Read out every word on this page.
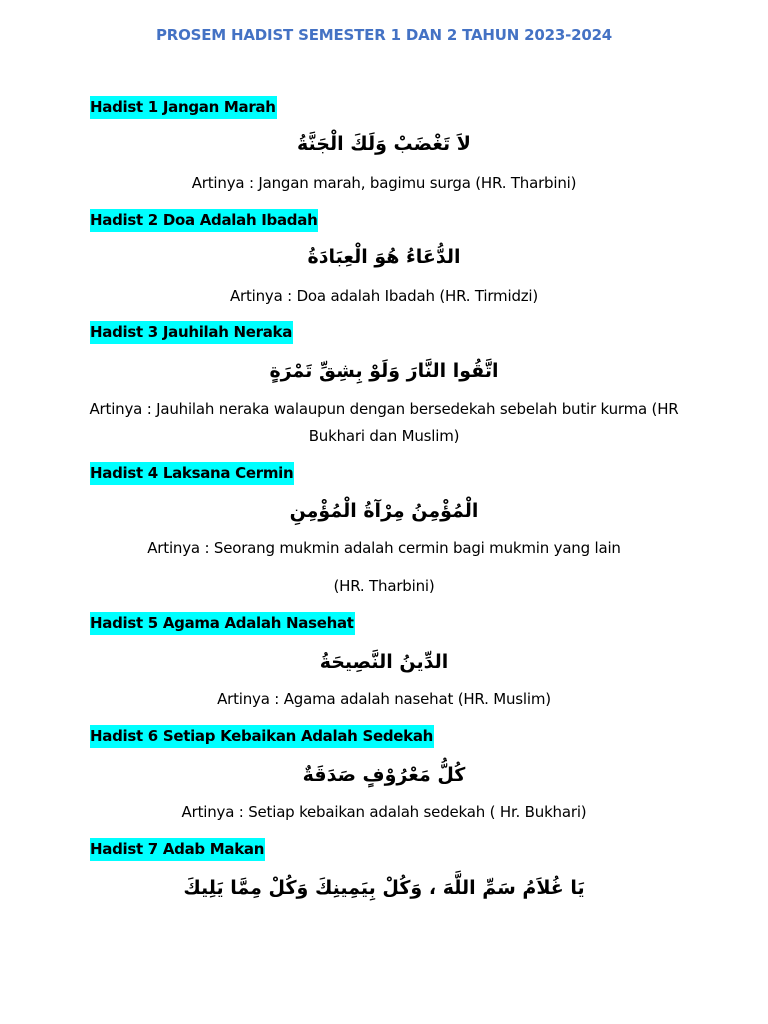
PROSEM HADIST SEMESTER 1 DAN 2 TAHUN 2023-2024
Hadist 1 Jangan Marah
لاَ تَغْضَبْ وَلَكَ الْجَنَّةُ
Artinya : Jangan marah, bagimu surga (HR. Tharbini)
Hadist 2 Doa Adalah Ibadah
الدُّعَاءُ هُوَ الْعِبَادَةُ
Artinya : Doa adalah Ibadah (HR. Tirmidzi)
Hadist 3 Jauhilah Neraka
اتَّقُوا النَّارَ وَلَوْ بِشِقِّ تَمْرَةٍ
Artinya : Jauhilah neraka walaupun dengan bersedekah sebelah butir kurma (HR Bukhari dan Muslim)
Hadist 4 Laksana Cermin
الْمُؤْمِنُ مِرْآةُ الْمُؤْمِنِ
Artinya : Seorang mukmin adalah cermin bagi mukmin yang lain
(HR. Tharbini)
Hadist 5 Agama Adalah Nasehat
الدِّينُ النَّصِيحَةُ
Artinya : Agama adalah nasehat (HR. Muslim)
Hadist 6 Setiap Kebaikan Adalah Sedekah
كُلُّ مَعْرُوْفٍ صَدَقَةٌ
Artinya : Setiap kebaikan adalah sedekah ( Hr. Bukhari)
Hadist 7 Adab Makan
يَا غُلاَمُ سَمِّ اللَّهَ ، وَكُلْ بِيَمِينِكَ وَكُلْ مِمَّا يَلِيكَ
